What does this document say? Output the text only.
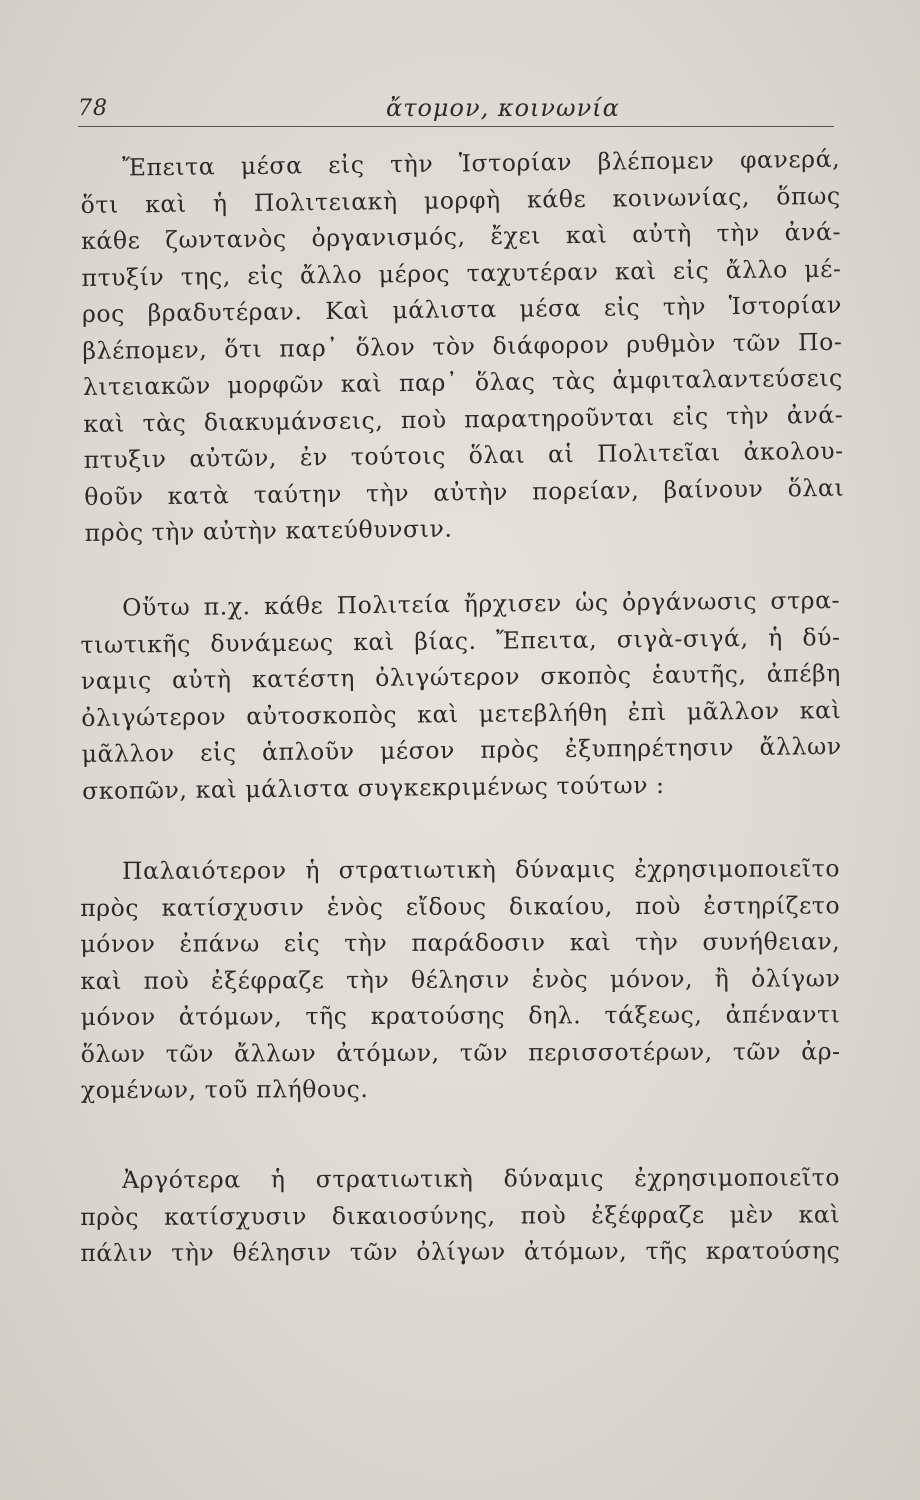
78	ἄτομον, κοινωνία
Ἔπειτα μέσα εἰς τὴν Ἱστορίαν βλέπομεν φανερά,
ὅτι καὶ ἡ Πολιτειακὴ μορφὴ κάθε κοινωνίας, ὅπως
κάθε ζωντανὸς ὀργανισμός, ἔχει καὶ αὐτὴ τὴν ἀνά-
πτυξίν της, εἰς ἄλλο μέρος ταχυτέραν καὶ εἰς ἄλλο μέ-
ρος βραδυτέραν. Καὶ μάλιστα μέσα εἰς τὴν Ἱστορίαν
βλέπομεν, ὅτι παρ᾽ ὅλον τὸν διάφορον ρυθμὸν τῶν Πο-
λιτειακῶν μορφῶν καὶ παρ᾽ ὅλας τὰς ἀμφιταλαντεύσεις
καὶ τὰς διακυμάνσεις, ποὺ παρατηροῦνται εἰς τὴν ἀνά-
πτυξιν αὐτῶν, ἐν τούτοις ὅλαι αἱ Πολιτεῖαι ἀκολου-
θοῦν κατὰ ταύτην τὴν αὐτὴν πορείαν, βαίνουν ὅλαι
πρὸς τὴν αὐτὴν κατεύθυνσιν.
Οὕτω π.χ. κάθε Πολιτεία ἤρχισεν ὡς ὀργάνωσις στρα-
τιωτικῆς δυνάμεως καὶ βίας. Ἔπειτα, σιγὰ-σιγά, ἡ δύ-
ναμις αὐτὴ κατέστη ὀλιγώτερον σκοπὸς ἑαυτῆς, ἀπέβη
ὀλιγώτερον αὐτοσκοπὸς καὶ μετεβλήθη ἐπὶ μᾶλλον καὶ
μᾶλλον εἰς ἁπλοῦν μέσον πρὸς ἐξυπηρέτησιν ἄλλων
σκοπῶν, καὶ μάλιστα συγκεκριμένως τούτων :
Παλαιότερον ἡ στρατιωτικὴ δύναμις ἐχρησιμοποιεῖτο
πρὸς κατίσχυσιν ἑνὸς εἴδους δικαίου, ποὺ ἐστηρίζετο
μόνον ἐπάνω εἰς τὴν παράδοσιν καὶ τὴν συνήθειαν,
καὶ ποὺ ἐξέφραζε τὴν θέλησιν ἑνὸς μόνον, ἢ ὀλίγων
μόνον ἀτόμων, τῆς κρατούσης δηλ. τάξεως, ἀπέναντι
ὅλων τῶν ἄλλων ἀτόμων, τῶν περισσοτέρων, τῶν ἀρ-
χομένων, τοῦ πλήθους.
Ἀργότερα ἡ στρατιωτικὴ δύναμις ἐχρησιμοποιεῖτο
πρὸς κατίσχυσιν δικαιοσύνης, ποὺ ἐξέφραζε μὲν καὶ
πάλιν τὴν θέλησιν τῶν ὀλίγων ἀτόμων, τῆς κρατούσης
